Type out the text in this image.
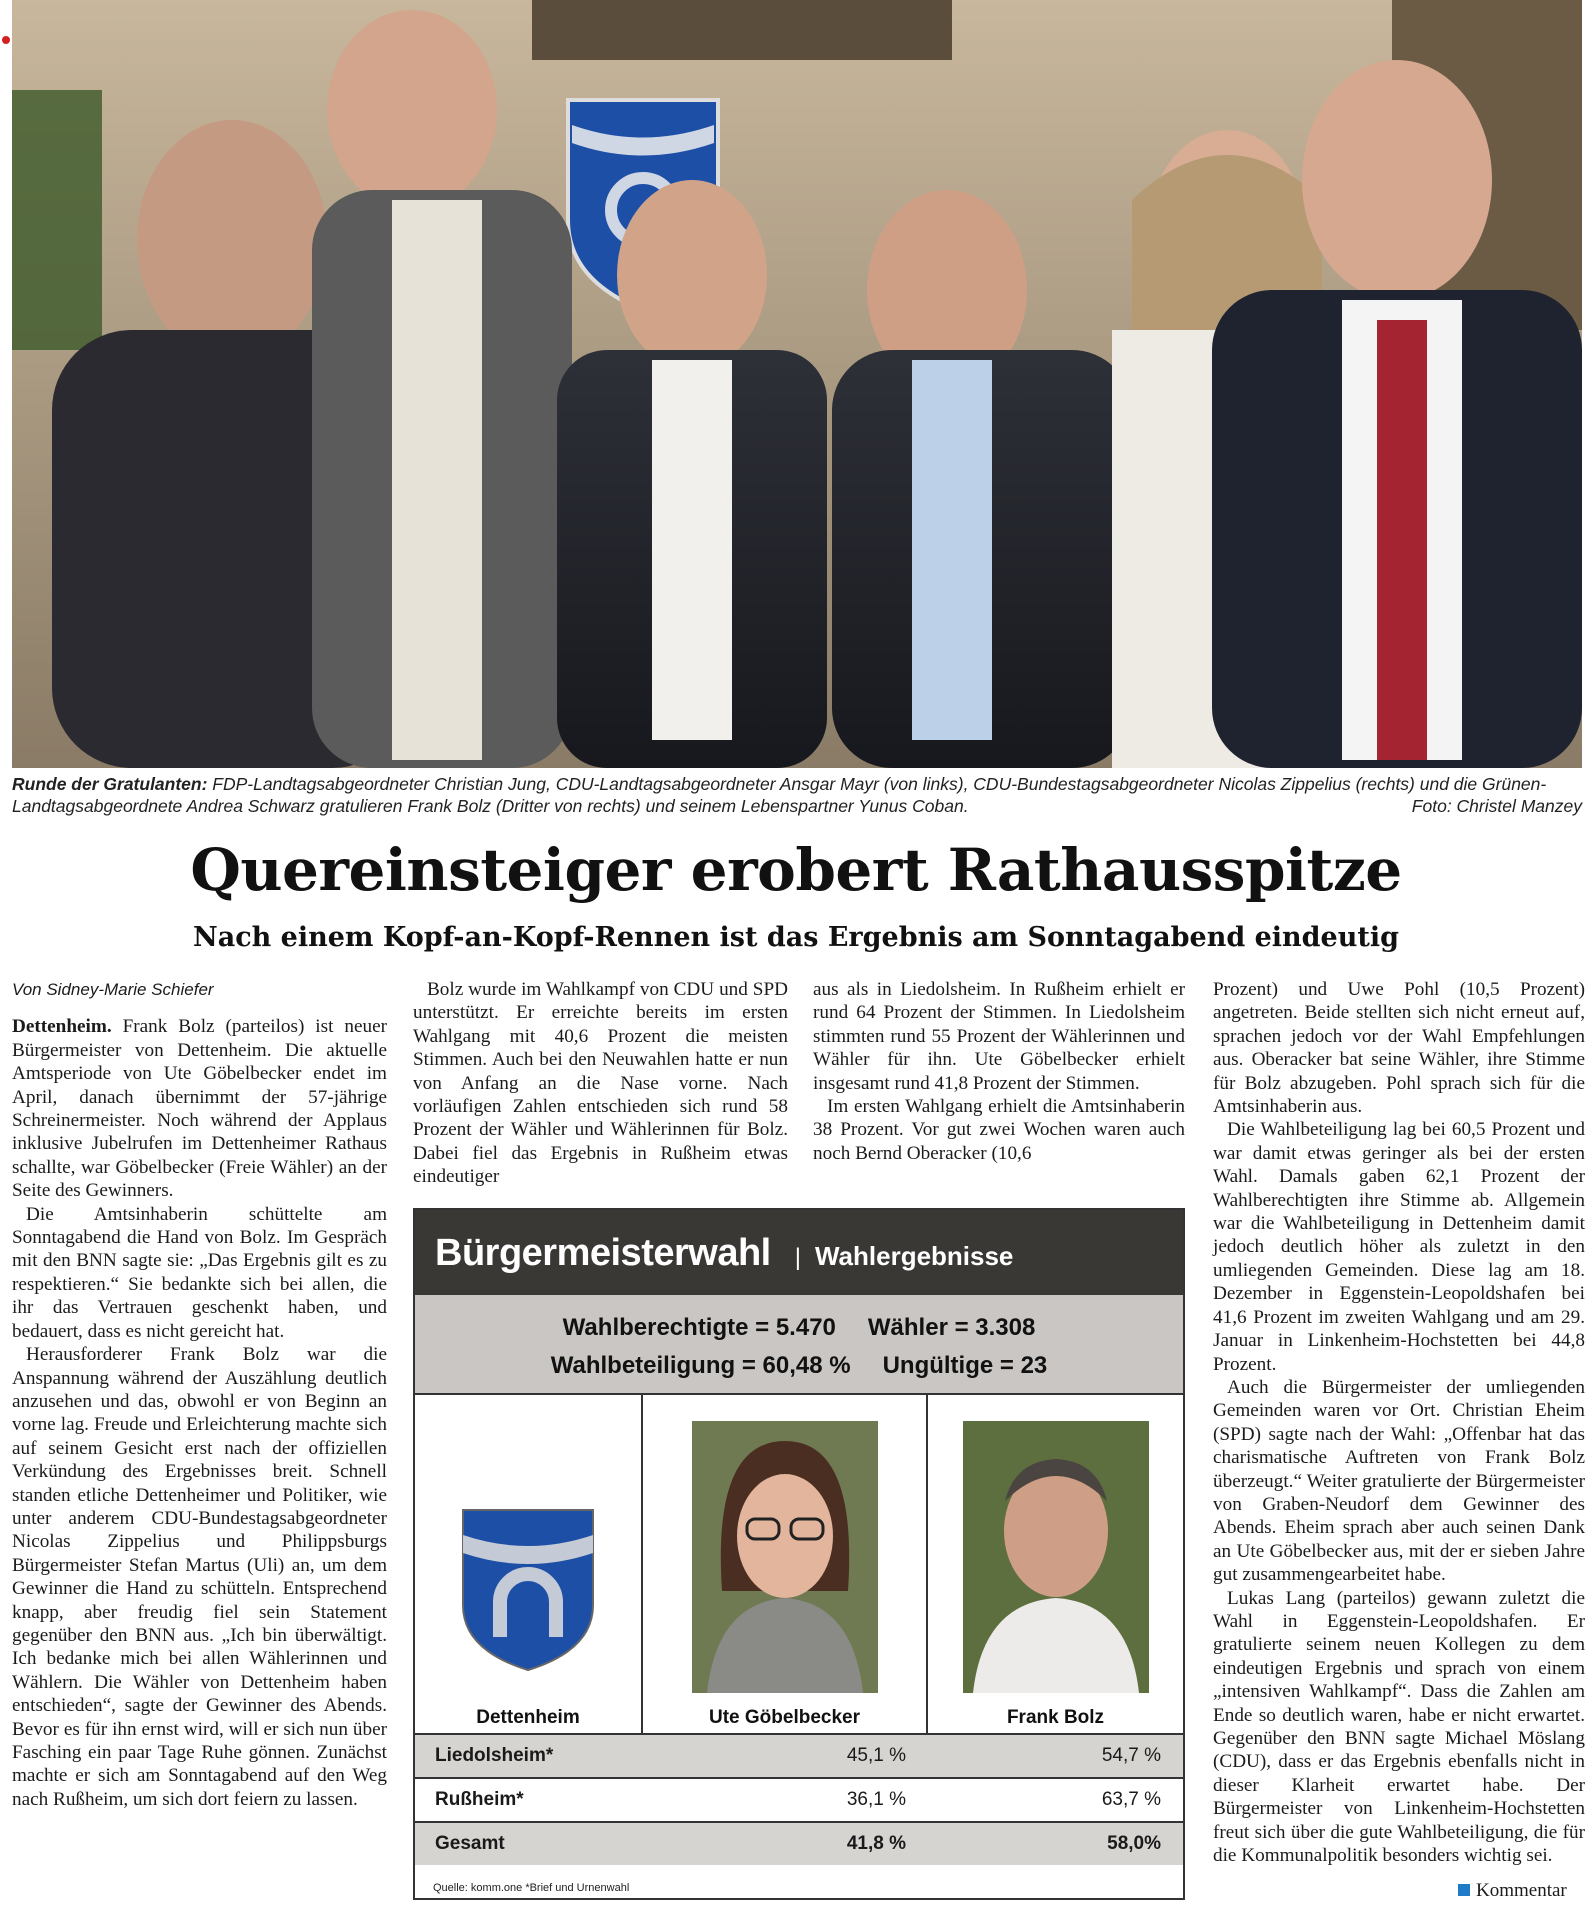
Runde der Gratulanten: FDP-Landtagsabgeordneter Christian Jung, CDU-Landtagsabgeordneter Ansgar Mayr (von links), CDU-Bundestagsabgeordneter Nicolas Zippelius (rechts) und die Grünen-Landtagsabgeordnete Andrea Schwarz gratulieren Frank Bolz (Dritter von rechts) und seinem Lebenspartner Yunus Coban.	Foto: Christel Manzey
Quereinsteiger erobert Rathausspitze
Nach einem Kopf-an-Kopf-Rennen ist das Ergebnis am Sonntagabend eindeutig

Von Sidney-Marie Schiefer

Dettenheim. Frank Bolz (parteilos) ist neuer Bürgermeister von Dettenheim. Die aktuelle Amtsperiode von Ute Göbelbecker endet im April, danach übernimmt der 57-jährige Schreinermeister. Noch während der Applaus inklusive Jubelrufen im Dettenheimer Rathaus schallte, war Göbelbecker (Freie Wähler) an der Seite des Gewinners.

Die Amtsinhaberin schüttelte am Sonntagabend die Hand von Bolz. Im Gespräch mit den BNN sagte sie: „Das Ergebnis gilt es zu respektieren.“ Sie bedankte sich bei allen, die ihr das Vertrauen geschenkt haben, und bedauert, dass es nicht gereicht hat.

Herausforderer Frank Bolz war die Anspannung während der Auszählung deutlich anzusehen und das, obwohl er von Beginn an vorne lag. Freude und Erleichterung machte sich auf seinem Gesicht erst nach der offiziellen Verkündung des Ergebnisses breit. Schnell standen etliche Dettenheimer und Politiker, wie unter anderem CDU-Bundestagsabgeordneter Nicolas Zippelius und Philippsburgs Bürgermeister Stefan Martus (Uli) an, um dem Gewinner die Hand zu schütteln. Entsprechend knapp, aber freudig fiel sein Statement gegenüber den BNN aus. „Ich bin überwältigt. Ich bedanke mich bei allen Wählerinnen und Wählern. Die Wähler von Dettenheim haben entschieden“, sagte der Gewinner des Abends. Bevor es für ihn ernst wird, will er sich nun über Fasching ein paar Tage Ruhe gönnen. Zunächst machte er sich am Sonntagabend auf den Weg nach Rußheim, um sich dort feiern zu lassen.

Bolz wurde im Wahlkampf von CDU und SPD unterstützt. Er erreichte bereits im ersten Wahlgang mit 40,6 Prozent die meisten Stimmen. Auch bei den Neuwahlen hatte er nun von Anfang an die Nase vorne. Nach vorläufigen Zahlen entschieden sich rund 58 Prozent der Wähler und Wählerinnen für Bolz. Dabei fiel das Ergebnis in Rußheim etwas eindeutiger

aus als in Liedolsheim. In Rußheim erhielt er rund 64 Prozent der Stimmen. In Liedolsheim stimmten rund 55 Prozent der Wählerinnen und Wähler für ihn. Ute Göbelbecker erhielt insgesamt rund 41,8 Prozent der Stimmen.

Im ersten Wahlgang erhielt die Amtsinhaberin 38 Prozent. Vor gut zwei Wochen waren auch noch Bernd Oberacker (10,6

Prozent) und Uwe Pohl (10,5 Prozent) angetreten. Beide stellten sich nicht erneut auf, sprachen jedoch vor der Wahl Empfehlungen aus. Oberacker bat seine Wähler, ihre Stimme für Bolz abzugeben. Pohl sprach sich für die Amtsinhaberin aus.

Die Wahlbeteiligung lag bei 60,5 Prozent und war damit etwas geringer als bei der ersten Wahl. Damals gaben 62,1 Prozent der Wahlberechtigten ihre Stimme ab. Allgemein war die Wahlbeteiligung in Dettenheim damit jedoch deutlich höher als zuletzt in den umliegenden Gemeinden. Diese lag am 18. Dezember in Eggenstein-Leopoldshafen bei 41,6 Prozent im zweiten Wahlgang und am 29. Januar in Linkenheim-Hochstetten bei 44,8 Prozent.

Auch die Bürgermeister der umliegenden Gemeinden waren vor Ort. Christian Eheim (SPD) sagte nach der Wahl: „Offenbar hat das charismatische Auftreten von Frank Bolz überzeugt.“ Weiter gratulierte der Bürgermeister von Graben-Neudorf dem Gewinner des Abends. Eheim sprach aber auch seinen Dank an Ute Göbelbecker aus, mit der er sieben Jahre gut zusammengearbeitet habe.

Lukas Lang (parteilos) gewann zuletzt die Wahl in Eggenstein-Leopoldshafen. Er gratulierte seinem neuen Kollegen zu dem eindeutigen Ergebnis und sprach von einem „intensiven Wahlkampf“. Dass die Zahlen am Ende so deutlich waren, habe er nicht erwartet. Gegenüber den BNN sagte Michael Möslang (CDU), dass er das Ergebnis ebenfalls nicht in dieser Klarheit erwartet habe. Der Bürgermeister von Linkenheim-Hochstetten freut sich über die gute Wahlbeteiligung, die für die Kommunalpolitik besonders wichtig sei.

Kommentar
Bürgermeisterwahl | Wahlergebnisse
Wahlberechtigte = 5.470 Wähler = 3.308
Wahlbeteiligung = 60,48 % Ungültige = 23
Dettenheim	Ute Göbelbecker	Frank Bolz
Liedolsheim*	45,1 %	54,7 %
Rußheim*	36,1 %	63,7 %
Gesamt	41,8 %	58,0%
Quelle: komm.one *Brief und Urnenwahl
